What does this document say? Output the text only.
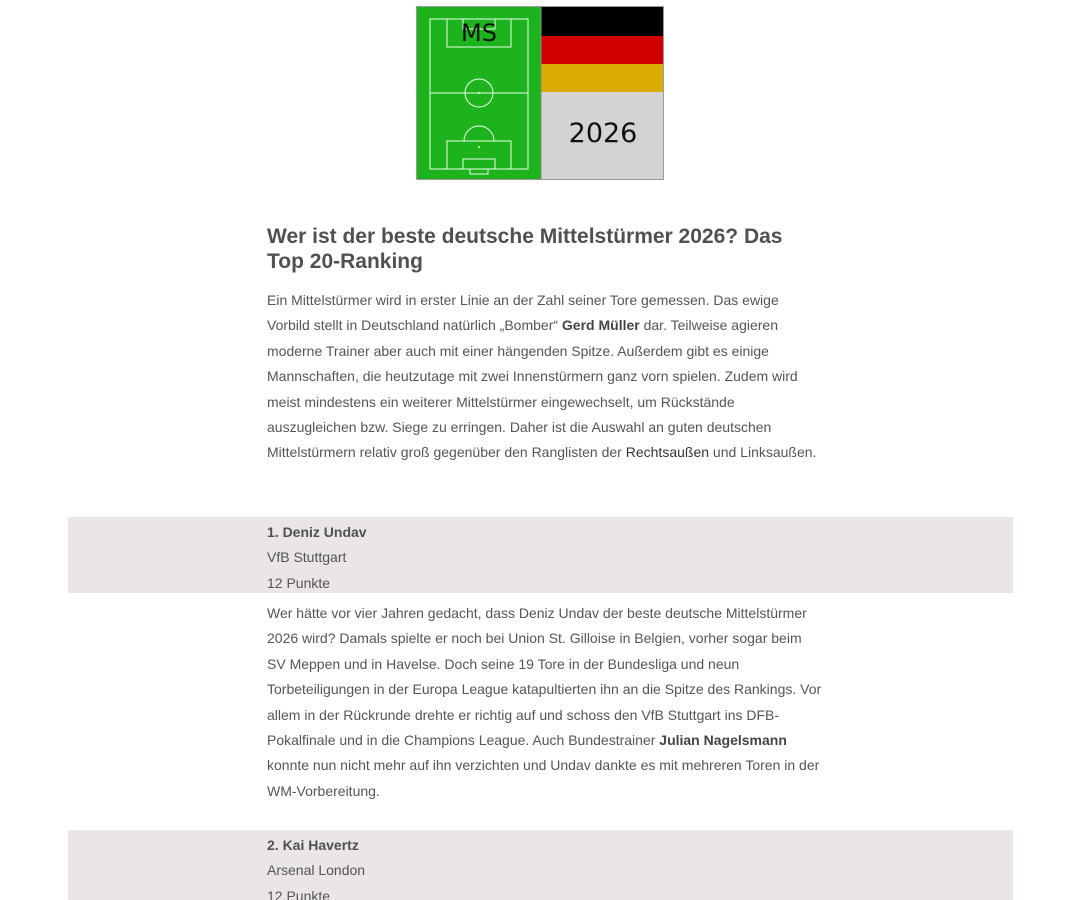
MS
2026
Wer ist der beste deutsche Mittelstürmer 2026? Das Top 20-Ranking

Ein Mittelstürmer wird in erster Linie an der Zahl seiner Tore gemessen. Das ewige Vorbild stellt in Deutschland natürlich „Bomber“ Gerd Müller dar. Teilweise agieren moderne Trainer aber auch mit einer hängenden Spitze. Außerdem gibt es einige Mannschaften, die heutzutage mit zwei Innenstürmern ganz vorn spielen. Zudem wird meist mindestens ein weiterer Mittelstürmer eingewechselt, um Rückstände auszugleichen bzw. Siege zu erringen. Daher ist die Auswahl an guten deutschen Mittelstürmern relativ groß gegenüber den Ranglisten der Rechtsaußen und Linksaußen.

1. Deniz Undav
VfB Stuttgart
12 Punkte

Wer hätte vor vier Jahren gedacht, dass Deniz Undav der beste deutsche Mittelstürmer 2026 wird? Damals spielte er noch bei Union St. Gilloise in Belgien, vorher sogar beim SV Meppen und in Havelse. Doch seine 19 Tore in der Bundesliga und neun Torbeteiligungen in der Europa League katapultierten ihn an die Spitze des Rankings. Vor allem in der Rückrunde drehte er richtig auf und schoss den VfB Stuttgart ins DFB-Pokalfinale und in die Champions League. Auch Bundestrainer Julian Nagelsmann konnte nun nicht mehr auf ihn verzichten und Undav dankte es mit mehreren Toren in der WM-Vorbereitung.

2. Kai Havertz
Arsenal London
12 Punkte
